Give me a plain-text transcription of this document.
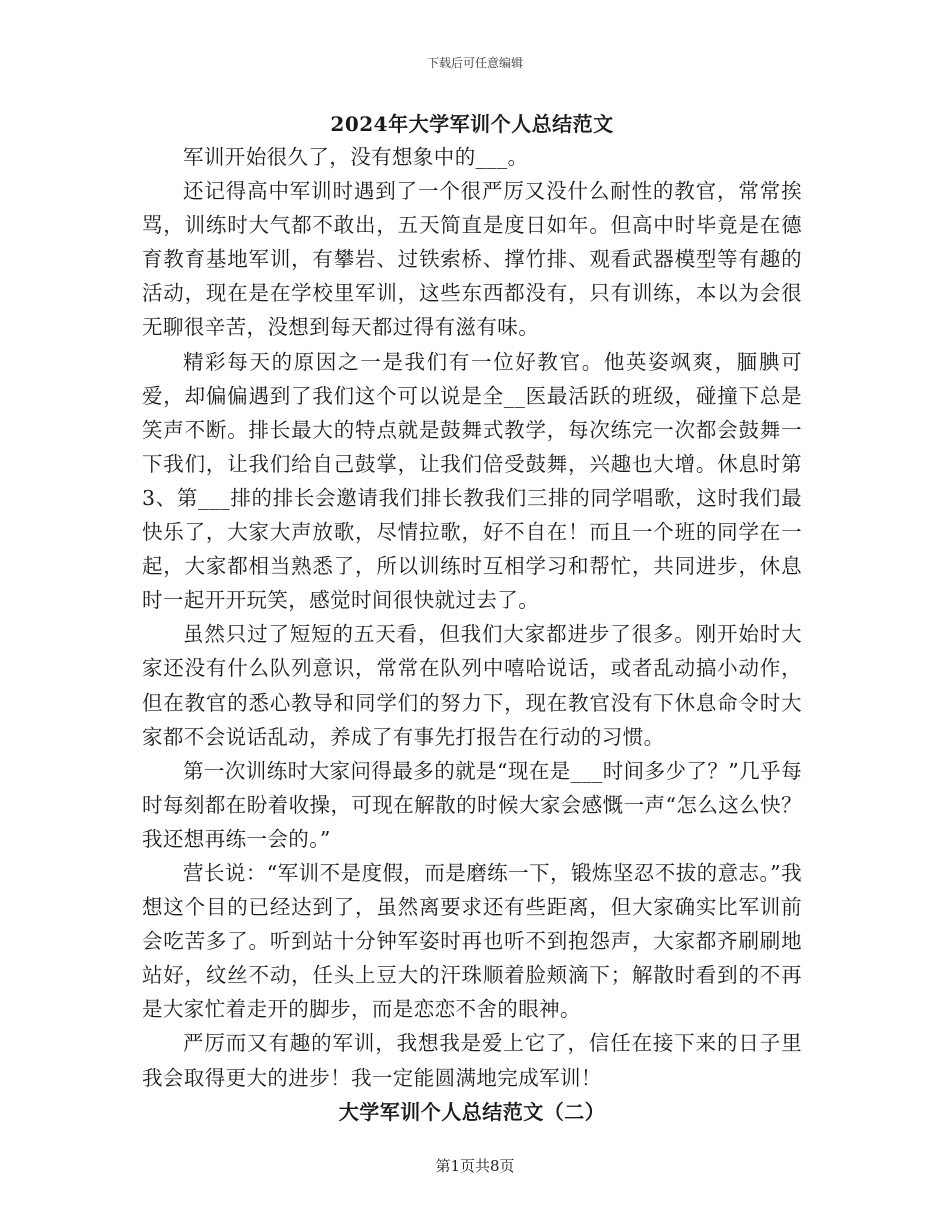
下载后可任意编辑
2024年大学军训个人总结范文

军训开始很久了，没有想象中的___。

还记得高中军训时遇到了一个很严厉又没什么耐性的教官，常常挨骂，训练时大气都不敢出，五天简直是度日如年。但高中时毕竟是在德育教育基地军训，有攀岩、过铁索桥、撑竹排、观看武器模型等有趣的活动，现在是在学校里军训，这些东西都没有，只有训练，本以为会很无聊很辛苦，没想到每天都过得有滋有味。

精彩每天的原因之一是我们有一位好教官。他英姿飒爽，腼腆可爱，却偏偏遇到了我们这个可以说是全__医最活跃的班级，碰撞下总是笑声不断。排长最大的特点就是鼓舞式教学，每次练完一次都会鼓舞一下我们，让我们给自己鼓掌，让我们倍受鼓舞，兴趣也大增。休息时第3、第___排的排长会邀请我们排长教我们三排的同学唱歌，这时我们最快乐了，大家大声放歌，尽情拉歌，好不自在！而且一个班的同学在一起，大家都相当熟悉了，所以训练时互相学习和帮忙，共同进步，休息时一起开开玩笑，感觉时间很快就过去了。

虽然只过了短短的五天看，但我们大家都进步了很多。刚开始时大家还没有什么队列意识，常常在队列中嘻哈说话，或者乱动搞小动作，但在教官的悉心教导和同学们的努力下，现在教官没有下休息命令时大家都不会说话乱动，养成了有事先打报告在行动的习惯。

第一次训练时大家问得最多的就是“现在是___时间多少了？”几乎每时每刻都在盼着收操，可现在解散的时候大家会感慨一声“怎么这么快？我还想再练一会的。”

营长说：“军训不是度假，而是磨练一下，锻炼坚忍不拔的意志。”我想这个目的已经达到了，虽然离要求还有些距离，但大家确实比军训前会吃苦多了。听到站十分钟军姿时再也听不到抱怨声，大家都齐刷刷地站好，纹丝不动，任头上豆大的汗珠顺着脸颊滴下；解散时看到的不再是大家忙着走开的脚步，而是恋恋不舍的眼神。

严厉而又有趣的军训，我想我是爱上它了，信任在接下来的日子里我会取得更大的进步！我一定能圆满地完成军训！

大学军训个人总结范文（二）
第1页共8页
